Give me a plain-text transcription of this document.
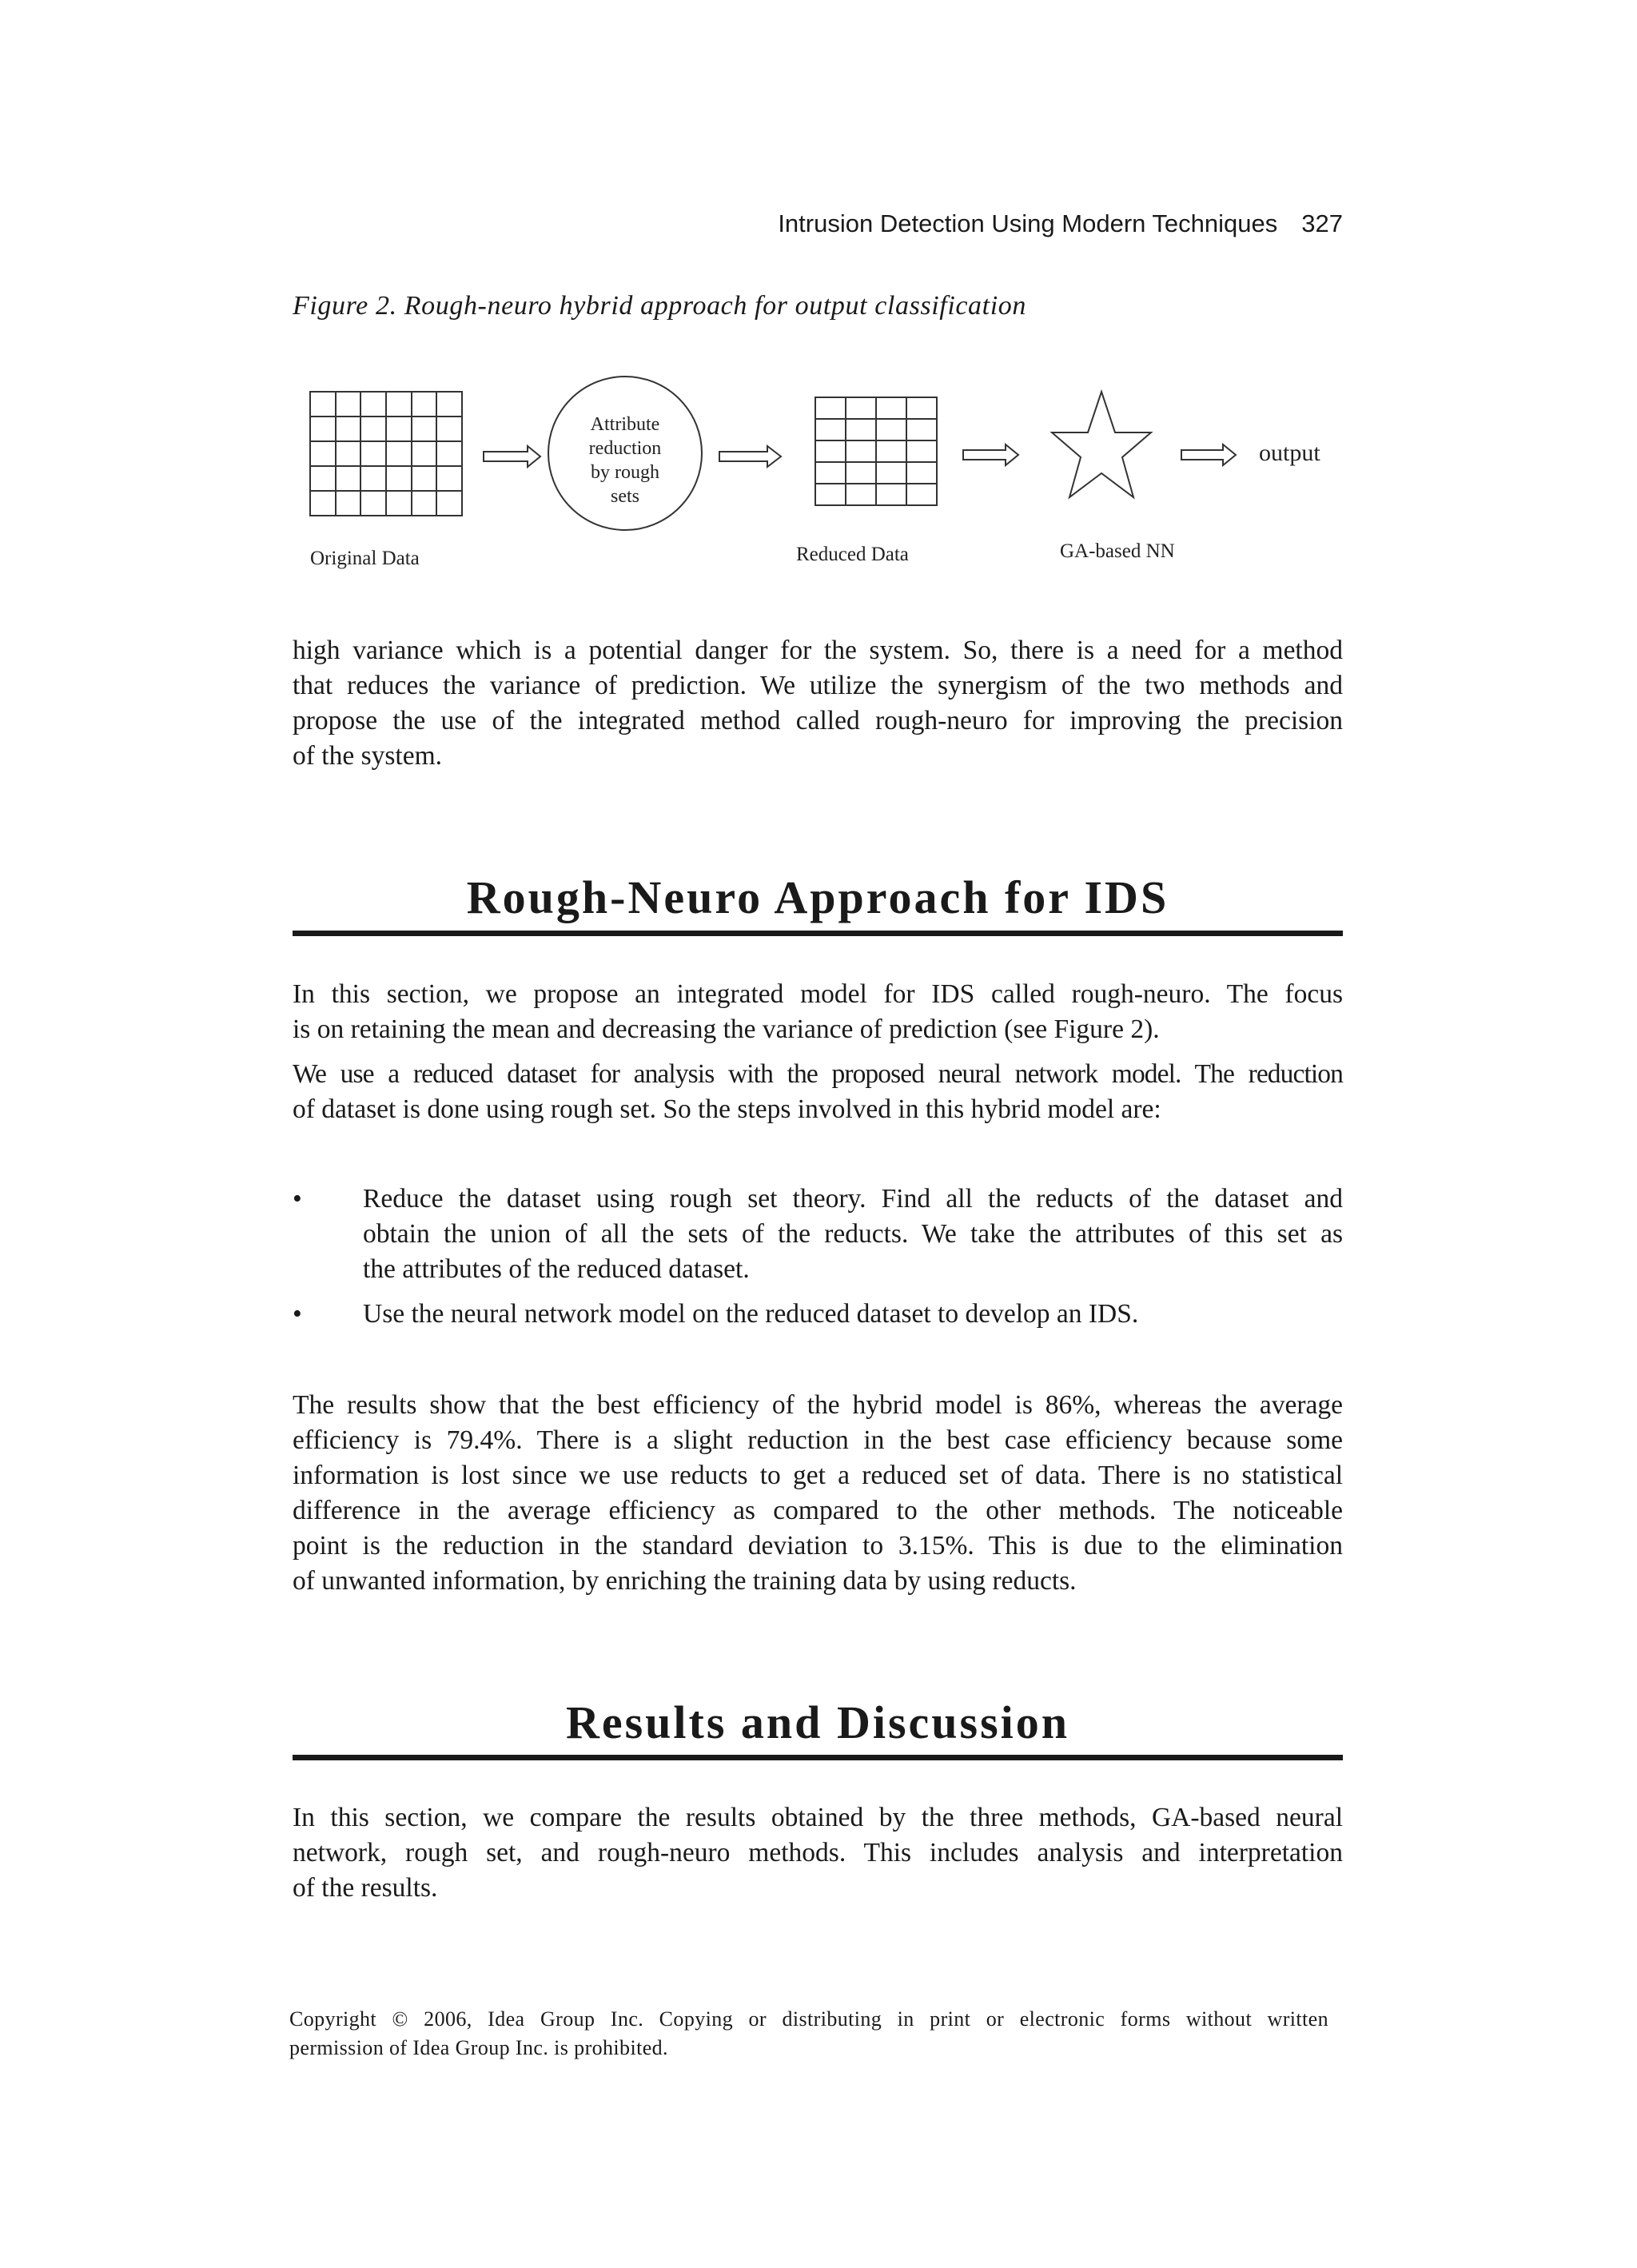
Intrusion Detection Using Modern Techniques 327
Figure 2. Rough-neuro hybrid approach for output classification
Attribute
reduction
by rough
sets
output
Original Data	Reduced Data	GA-based NN
high variance which is a potential danger for the system. So, there is a need for a method
that reduces the variance of prediction. We utilize the synergism of the two methods and
propose the use of the integrated method called rough-neuro for improving the precision
of the system.
Rough-Neuro Approach for IDS
In this section, we propose an integrated model for IDS called rough-neuro. The focus
is on retaining the mean and decreasing the variance of prediction (see Figure 2).
We use a reduced dataset for analysis with the proposed neural network model. The reduction
of dataset is done using rough set. So the steps involved in this hybrid model are:
• Reduce the dataset using rough set theory. Find all the reducts of the dataset and
obtain the union of all the sets of the reducts. We take the attributes of this set as
the attributes of the reduced dataset.
• Use the neural network model on the reduced dataset to develop an IDS.
The results show that the best efficiency of the hybrid model is 86%, whereas the average
efficiency is 79.4%. There is a slight reduction in the best case efficiency because some
information is lost since we use reducts to get a reduced set of data. There is no statistical
difference in the average efficiency as compared to the other methods. The noticeable
point is the reduction in the standard deviation to 3.15%. This is due to the elimination
of unwanted information, by enriching the training data by using reducts.
Results and Discussion
In this section, we compare the results obtained by the three methods, GA-based neural
network, rough set, and rough-neuro methods. This includes analysis and interpretation
of the results.
Copyright © 2006, Idea Group Inc. Copying or distributing in print or electronic forms without written
permission of Idea Group Inc. is prohibited.
